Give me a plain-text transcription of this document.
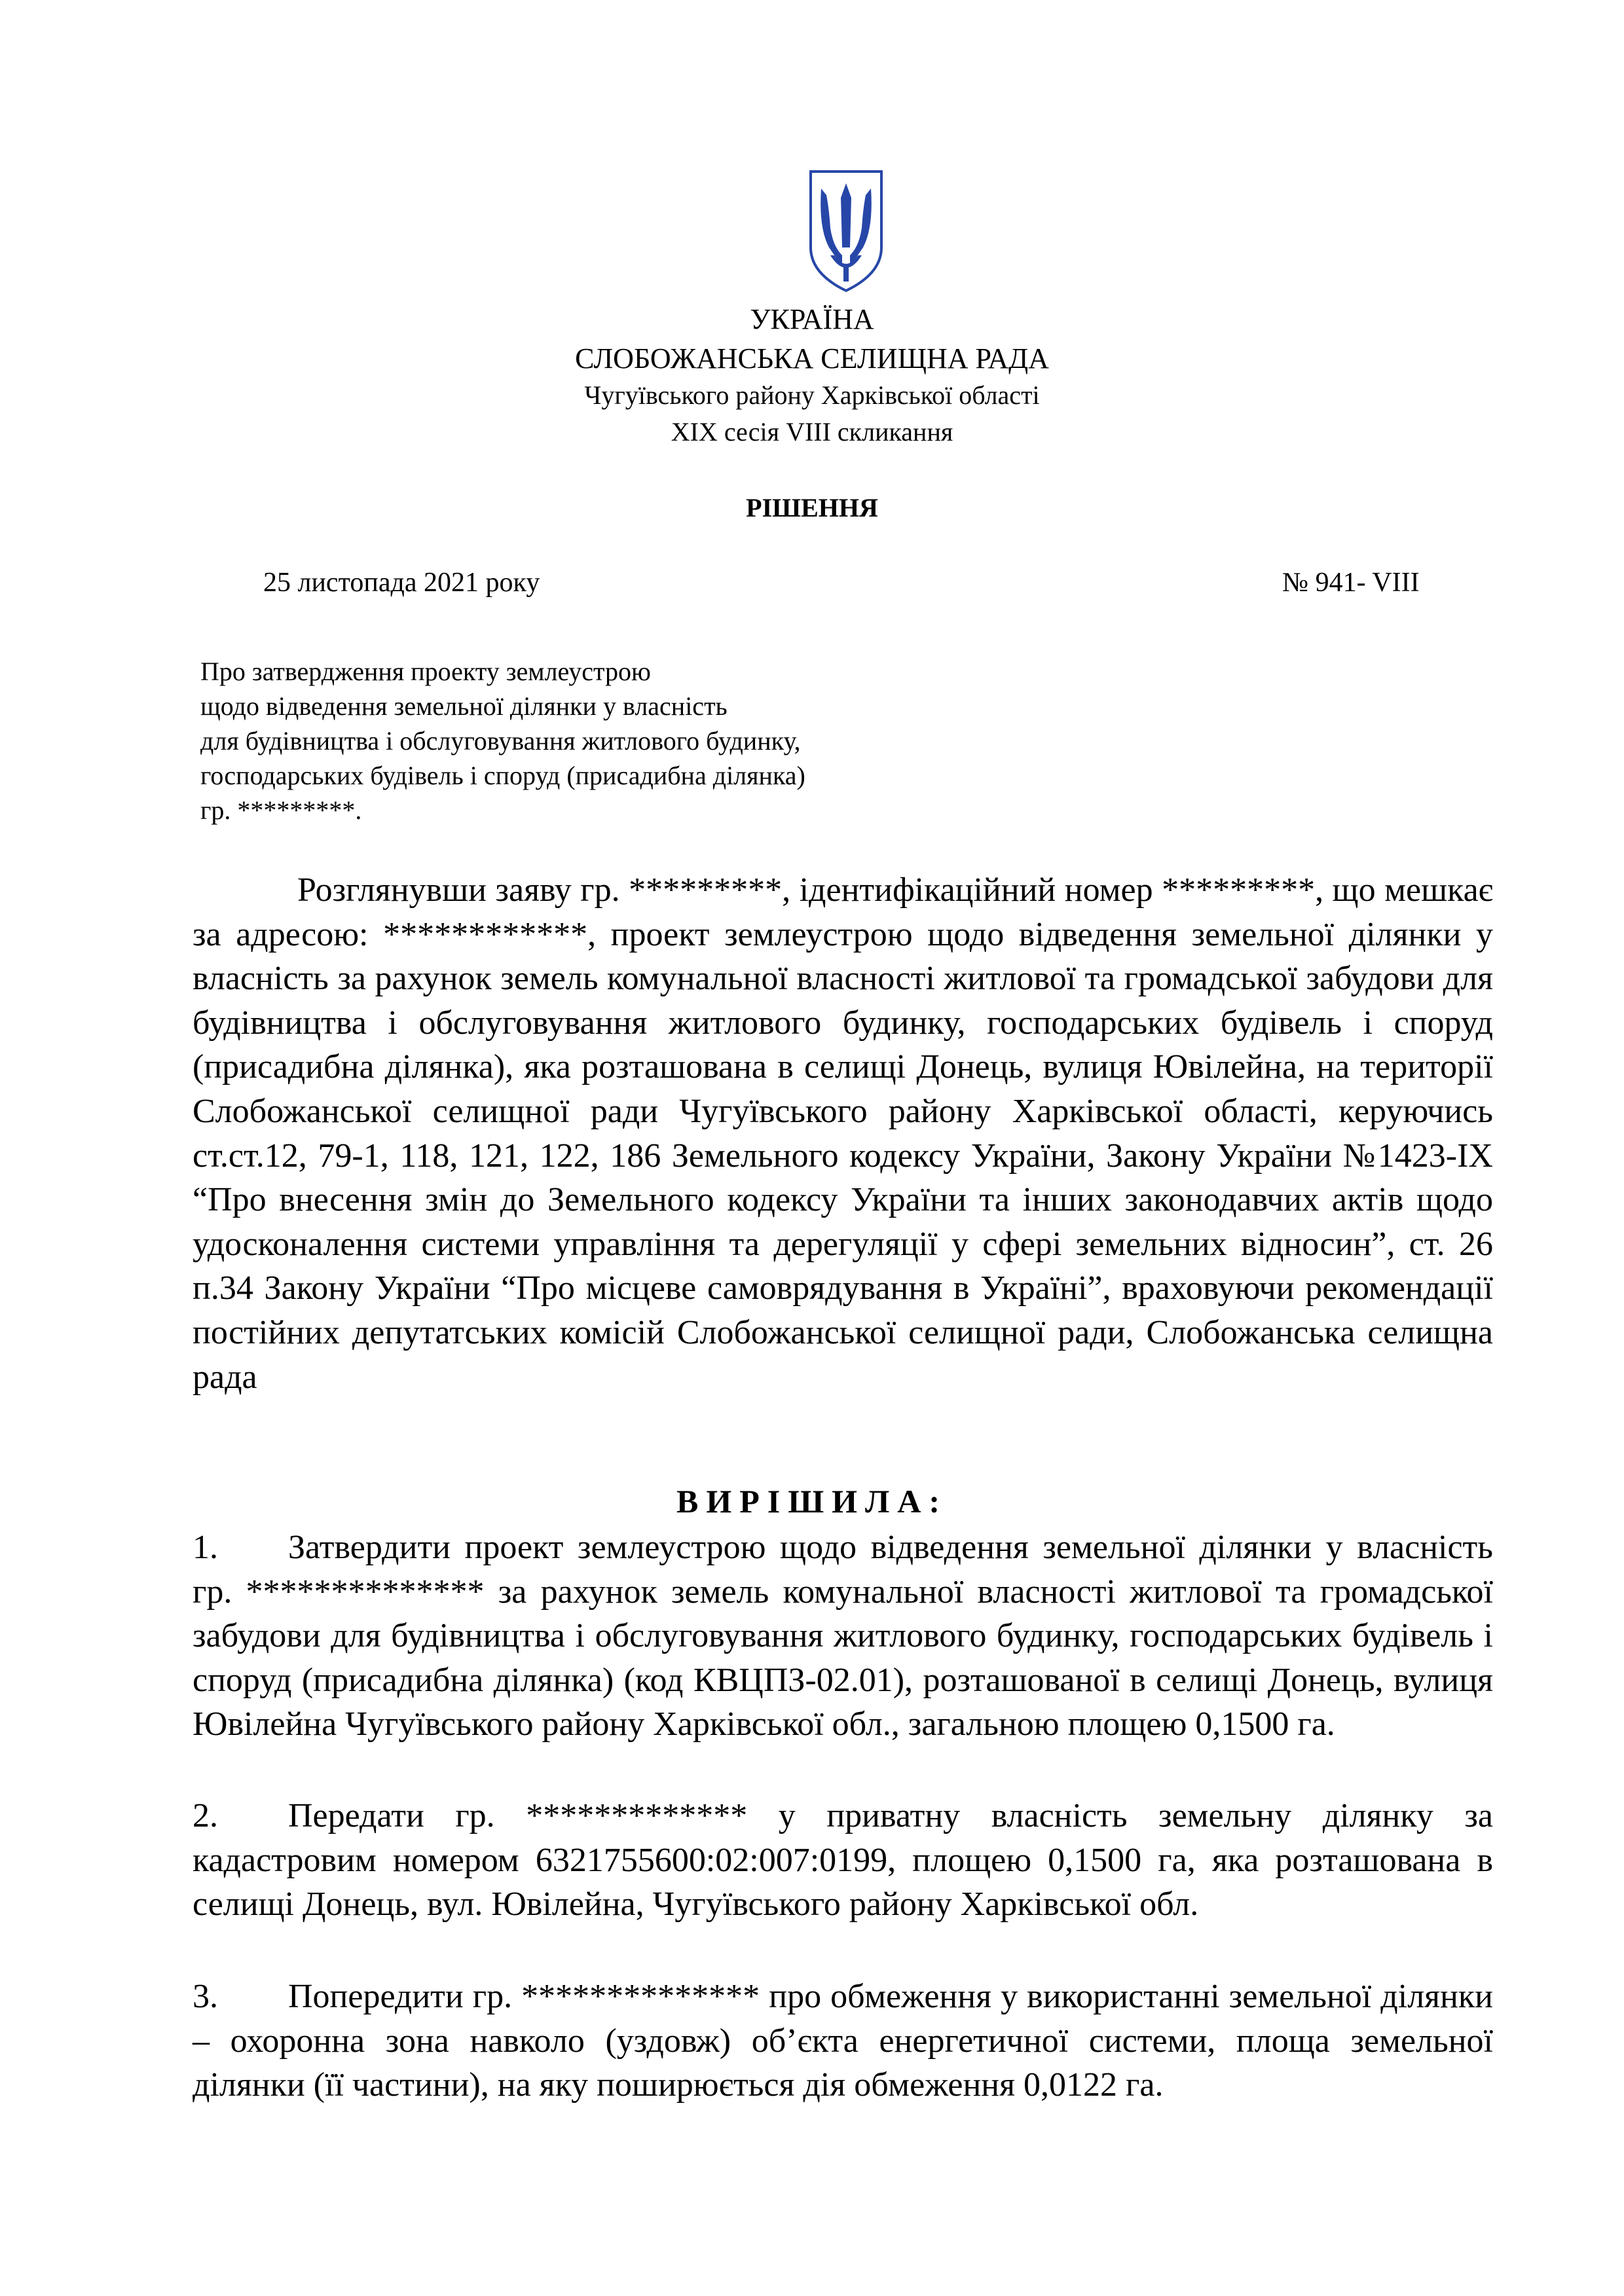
УКРАЇНА
СЛОБОЖАНСЬКА СЕЛИЩНА РАДА
Чугуївського району Харківської області
XIX сесія VIII скликання
РІШЕННЯ
25 листопада 2021 року	№ 941- VIII
Про затвердження проекту землеустрою
щодо відведення земельної ділянки у власність
для будівництва і обслуговування житлового будинку,
господарських будівель і споруд (присадибна ділянка)
гр. *********.

Розглянувши заяву гр. *********, ідентифікаційний номер *********, що мешкає за адресою: ************, проект землеустрою щодо відведення земельної ділянки у власність за рахунок земель комунальної власності житлової та громадської забудови для будівництва і обслуговування житлового будинку, господарських будівель і споруд (присадибна ділянка), яка розташована в селищі Донець, вулиця Ювілейна, на території Слобожанської селищної ради Чугуївського району Харківської області, керуючись ст.ст.12, 79-1, 118, 121, 122, 186 Земельного кодексу України, Закону України №1423-IX “Про внесення змін до Земельного кодексу України та інших законодавчих актів щодо удосконалення системи управління та дерегуляції у сфері земельних відносин”, ст. 26 п.34 Закону України “Про місцеве самоврядування в Україні”, враховуючи рекомендації постійних депутатських комісій Слобожанської селищної ради, Слобожанська селищна рада

ВИРІШИЛА:

1. Затвердити проект землеустрою щодо відведення земельної ділянки у власність гр. ************** за рахунок земель комунальної власності житлової та громадської забудови для будівництва і обслуговування житлового будинку, господарських будівель і споруд (присадибна ділянка) (код КВЦПЗ-02.01), розташованої в селищі Донець, вулиця Ювілейна Чугуївського району Харківської обл., загальною площею 0,1500 га.

2. Передати гр. ************* у приватну власність земельну ділянку за кадастровим номером 6321755600:02:007:0199, площею 0,1500 га, яка розташована в селищі Донець, вул. Ювілейна, Чугуївського району Харківської обл.

3. Попередити гр. ************** про обмеження у використанні земельної ділянки – охоронна зона навколо (уздовж) об’єкта енергетичної системи, площа земельної ділянки (її частини), на яку поширюється дія обмеження 0,0122 га.
